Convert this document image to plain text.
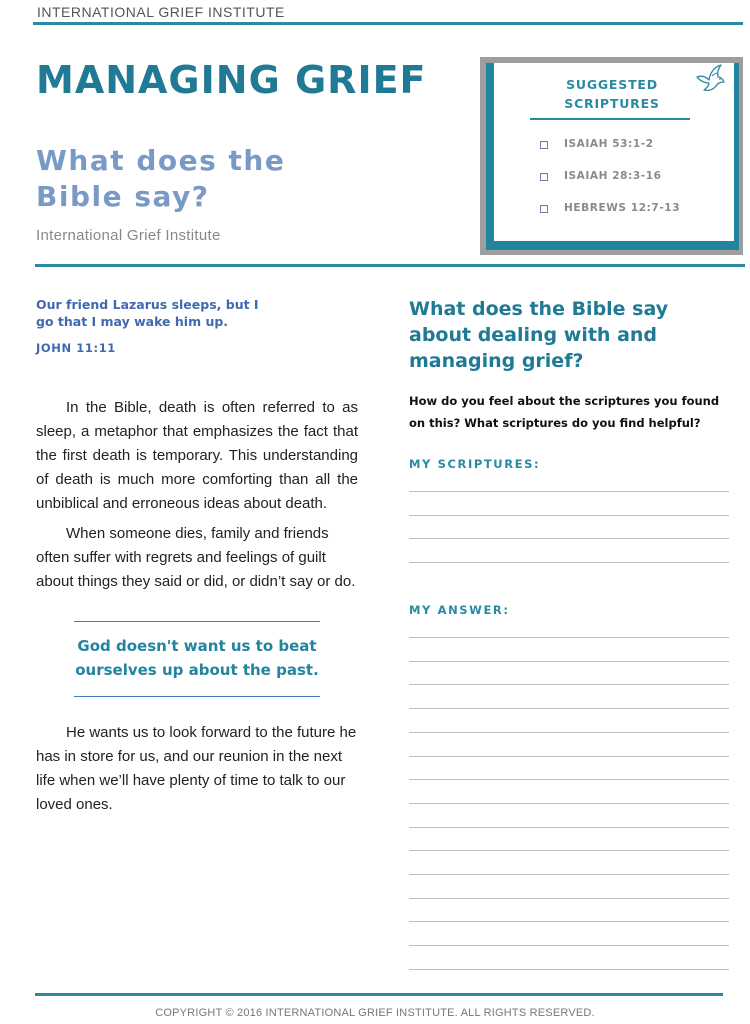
INTERNATIONAL GRIEF INSTITUTE
MANAGING GRIEF
What does the Bible say?
International Grief Institute
SUGGESTED
SCRIPTURES
ISAIAH 53:1-2
ISAIAH 28:3-16
HEBREWS 12:7-13

Our friend Lazarus sleeps, but I go that I may wake him up.

JOHN 11:11

In the Bible, death is often referred to as sleep, a metaphor that emphasizes the fact that the first death is temporary. This understanding of death is much more comforting than all the unbiblical and erroneous ideas about death.

When someone dies, family and friends often suffer with regrets and feelings of guilt about things they said or did, or didn’t say or do.

God doesn't want us to beat ourselves up about the past.

He wants us to look forward to the future he has in store for us, and our reunion in the next life when we’ll have plenty of time to talk to our loved ones.

What does the Bible say about dealing with and managing grief?

How do you feel about the scriptures you found on this? What scriptures do you find helpful?

MY SCRIPTURES:
MY ANSWER:
COPYRIGHT © 2016 INTERNATIONAL GRIEF INSTITUTE. ALL RIGHTS RESERVED.
